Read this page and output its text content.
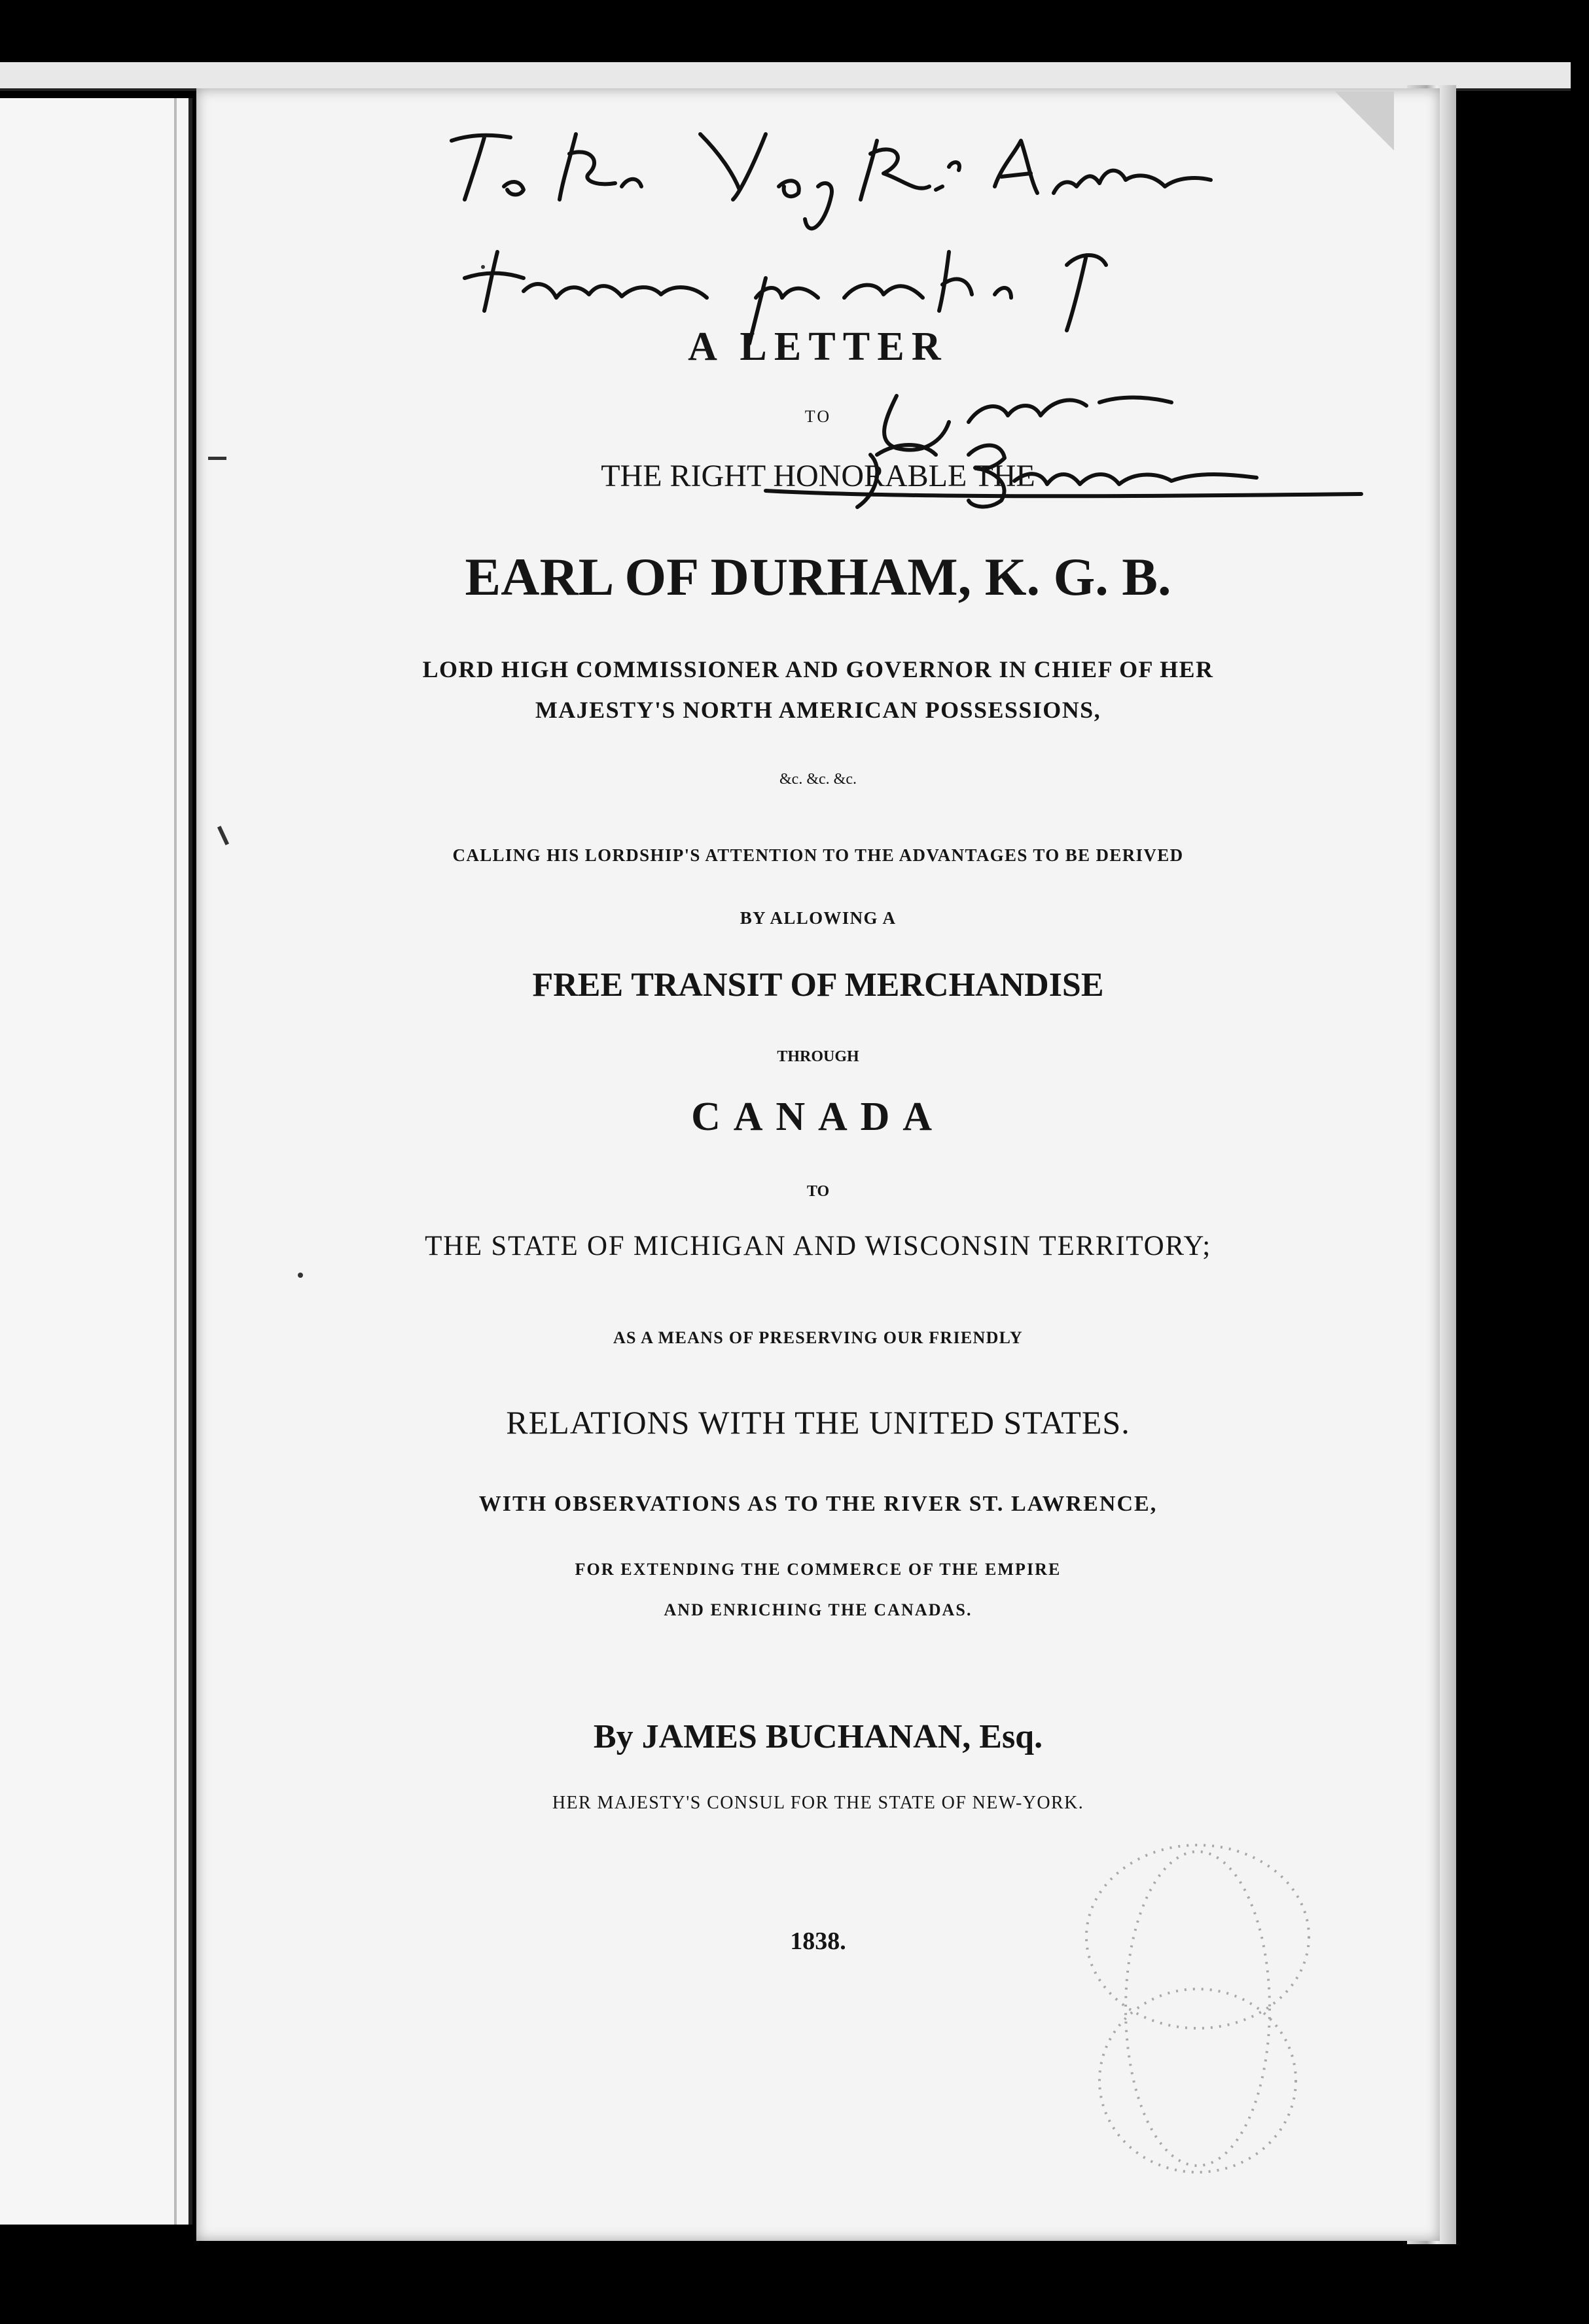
A LETTER
TO
THE RIGHT HONORABLE THE
EARL OF DURHAM, K. G. B.
LORD HIGH COMMISSIONER AND GOVERNOR IN CHIEF OF HER
MAJESTY'S NORTH AMERICAN POSSESSIONS,
&c. &c. &c.
CALLING HIS LORDSHIP'S ATTENTION TO THE ADVANTAGES TO BE DERIVED
BY ALLOWING A
FREE TRANSIT OF MERCHANDISE
THROUGH
CANADA
TO
THE STATE OF MICHIGAN AND WISCONSIN TERRITORY;
AS A MEANS OF PRESERVING OUR FRIENDLY
RELATIONS WITH THE UNITED STATES.
WITH OBSERVATIONS AS TO THE RIVER ST. LAWRENCE,
FOR EXTENDING THE COMMERCE OF THE EMPIRE
AND ENRICHING THE CANADAS.
By JAMES BUCHANAN, Esq.
HER MAJESTY'S CONSUL FOR THE STATE OF NEW-YORK.
1838.
